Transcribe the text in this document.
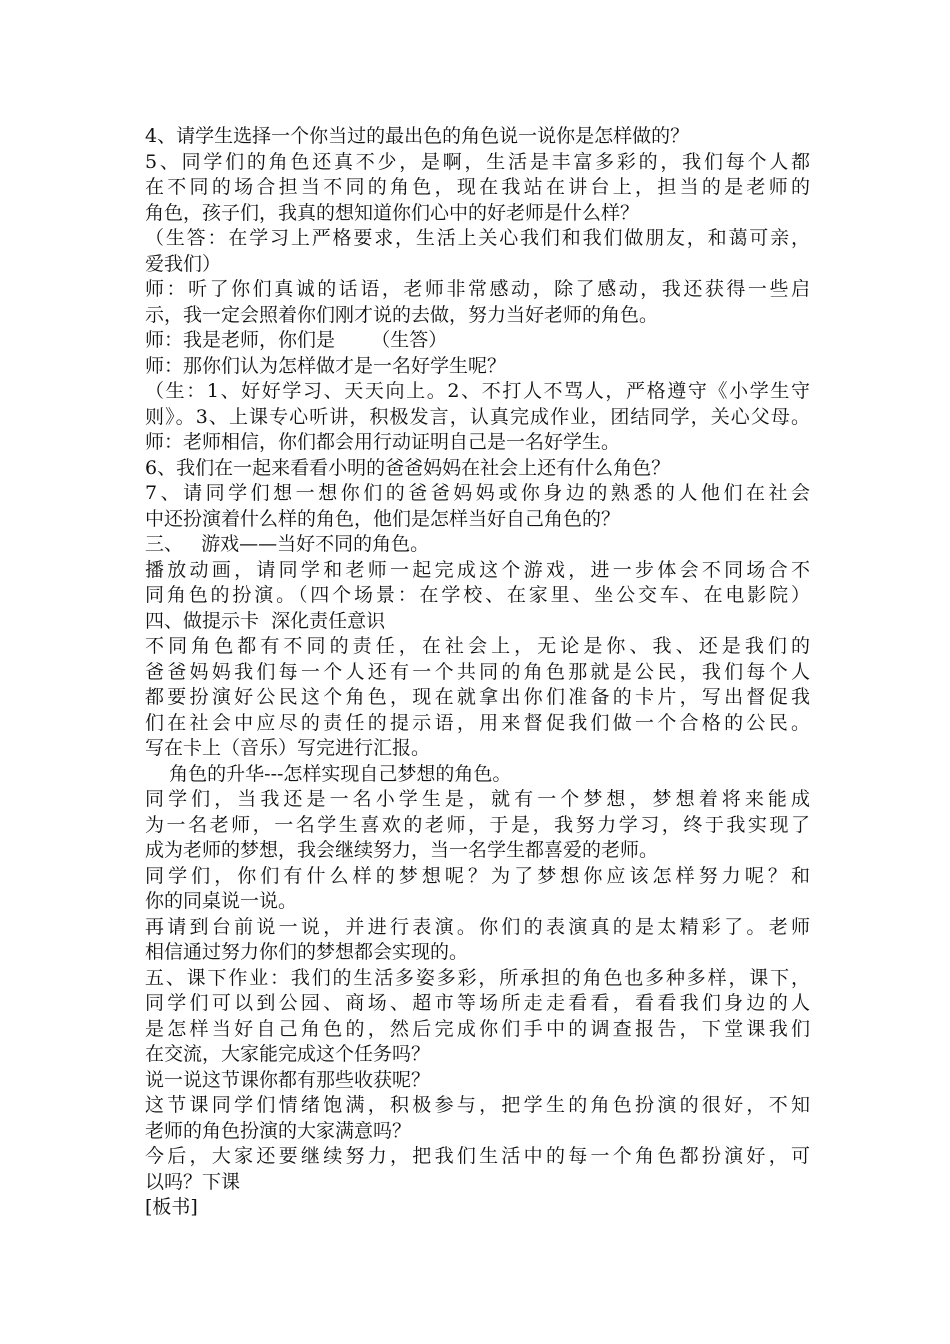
4、请学生选择一个你当过的最出色的角色说一说你是怎样做的？
5、同学们的角色还真不少，是啊，生活是丰富多彩的，我们每个人都
在不同的场合担当不同的角色，现在我站在讲台上，担当的是老师的
角色，孩子们，我真的想知道你们心中的好老师是什么样？
（生答：在学习上严格要求，生活上关心我们和我们做朋友，和蔼可亲，
爱我们）
师：听了你们真诚的话语，老师非常感动，除了感动，我还获得一些启
示，我一定会照着你们刚才说的去做，努力当好老师的角色。
师：我是老师，你们是      （生答）
师：那你们认为怎样做才是一名好学生呢？
（生：1、好好学习、天天向上。2、不打人不骂人，严格遵守《小学生守
则》。3、上课专心听讲，积极发言，认真完成作业，团结同学，关心父母。
师：老师相信，你们都会用行动证明自己是一名好学生。
6、我们在一起来看看小明的爸爸妈妈在社会上还有什么角色？
7、请同学们想一想你们的爸爸妈妈或你身边的熟悉的人他们在社会
中还扮演着什么样的角色，他们是怎样当好自己角色的？
三、   游戏——当好不同的角色。
播放动画，请同学和老师一起完成这个游戏，进一步体会不同场合不
同角色的扮演。（四个场景：在学校、在家里、坐公交车、在电影院）
四、做提示卡  深化责任意识
不同角色都有不同的责任，在社会上，无论是你、我、还是我们的
爸爸妈妈我们每一个人还有一个共同的角色那就是公民，我们每个人
都要扮演好公民这个角色，现在就拿出你们准备的卡片，写出督促我
们在社会中应尽的责任的提示语，用来督促我们做一个合格的公民。
写在卡上（音乐）写完进行汇报。
角色的升华---怎样实现自己梦想的角色。
同学们，当我还是一名小学生是，就有一个梦想，梦想着将来能成
为一名老师，一名学生喜欢的老师，于是，我努力学习，终于我实现了
成为老师的梦想，我会继续努力，当一名学生都喜爱的老师。
同学们，你们有什么样的梦想呢？为了梦想你应该怎样努力呢？和
你的同桌说一说。
再请到台前说一说，并进行表演。你们的表演真的是太精彩了。老师
相信通过努力你们的梦想都会实现的。
五、课下作业：我们的生活多姿多彩，所承担的角色也多种多样，课下，
同学们可以到公园、商场、超市等场所走走看看，看看我们身边的人
是怎样当好自己角色的，然后完成你们手中的调查报告，下堂课我们
在交流，大家能完成这个任务吗？
说一说这节课你都有那些收获呢？
这节课同学们情绪饱满，积极参与，把学生的角色扮演的很好，不知
老师的角色扮演的大家满意吗？
今后，大家还要继续努力，把我们生活中的每一个角色都扮演好，可
以吗？下课
[板书]
